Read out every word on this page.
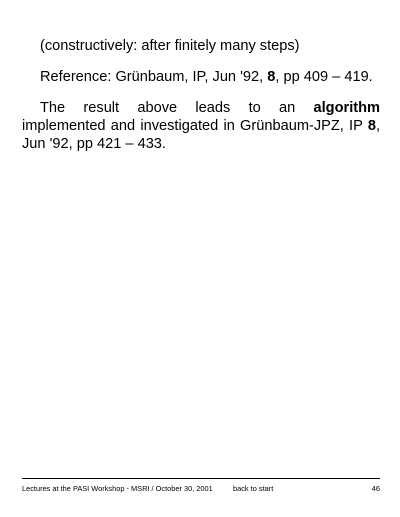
(constructively: after finitely many steps)

Reference: Grünbaum, IP, Jun '92, 8, pp 409 – 419.

The result above leads to an algorithm implemented and investigated in Grünbaum-JPZ, IP 8, Jun '92, pp 421 – 433.

Lectures at the PASI Workshop - MSRI / October 30, 2001	back to start	46
